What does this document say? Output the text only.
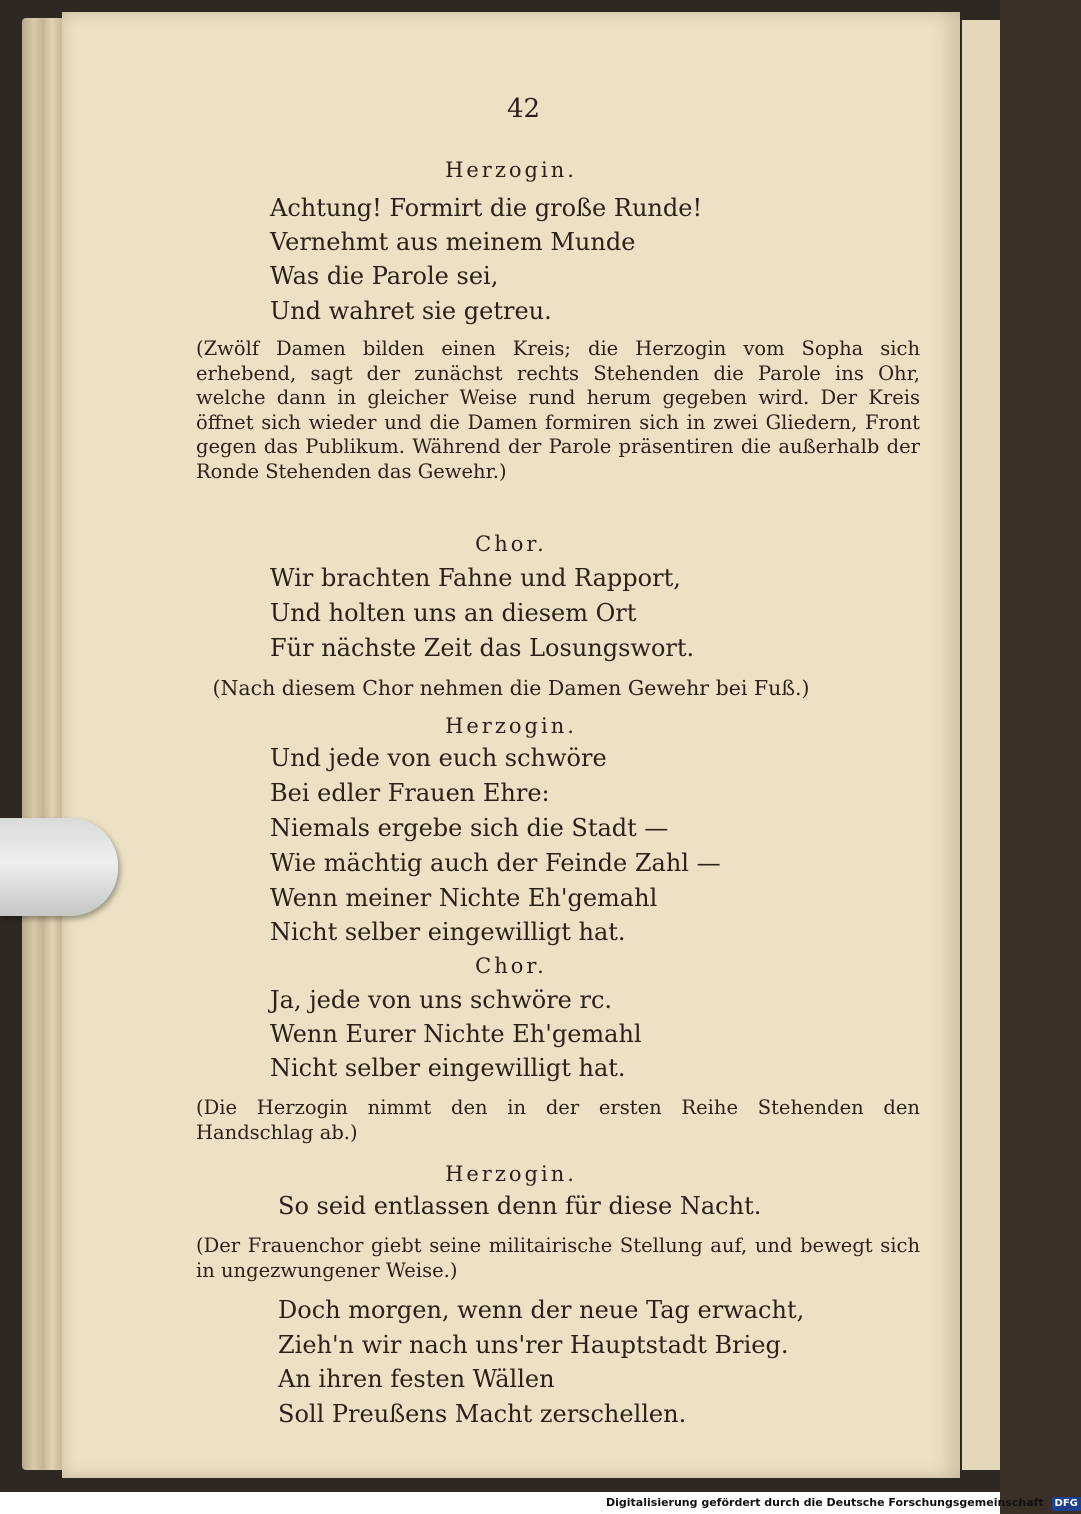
42
Herzogin.
Achtung! Formirt die große Runde!
Vernehmt aus meinem Munde
Was die Parole sei,
Und wahret sie getreu.
(Zwölf Damen bilden einen Kreis; die Herzogin vom Sopha sich erhebend, sagt der zunächst rechts Stehenden die Parole ins Ohr, welche dann in gleicher Weise rund herum gegeben wird. Der Kreis öffnet sich wieder und die Damen formiren sich in zwei Gliedern, Front gegen das Publikum. Während der Parole präsentiren die außerhalb der Ronde Stehenden das Gewehr.)
Chor.
Wir brachten Fahne und Rapport,
Und holten uns an diesem Ort
Für nächste Zeit das Losungswort.
(Nach diesem Chor nehmen die Damen Gewehr bei Fuß.)
Herzogin.
Und jede von euch schwöre
Bei edler Frauen Ehre:
Niemals ergebe sich die Stadt —
Wie mächtig auch der Feinde Zahl —
Wenn meiner Nichte Eh'gemahl
Nicht selber eingewilligt hat.
Chor.
Ja, jede von uns schwöre rc.
Wenn Eurer Nichte Eh'gemahl
Nicht selber eingewilligt hat.
(Die Herzogin nimmt den in der ersten Reihe Stehenden den Handschlag ab.)
Herzogin.
So seid entlassen denn für diese Nacht.
(Der Frauenchor giebt seine militairische Stellung auf, und bewegt sich in ungezwungener Weise.)
Doch morgen, wenn der neue Tag erwacht,
Zieh'n wir nach uns'rer Hauptstadt Brieg.
An ihren festen Wällen
Soll Preußens Macht zerschellen.
Digitalisierung gefördert durch die Deutsche Forschungsgemeinschaft DFG
